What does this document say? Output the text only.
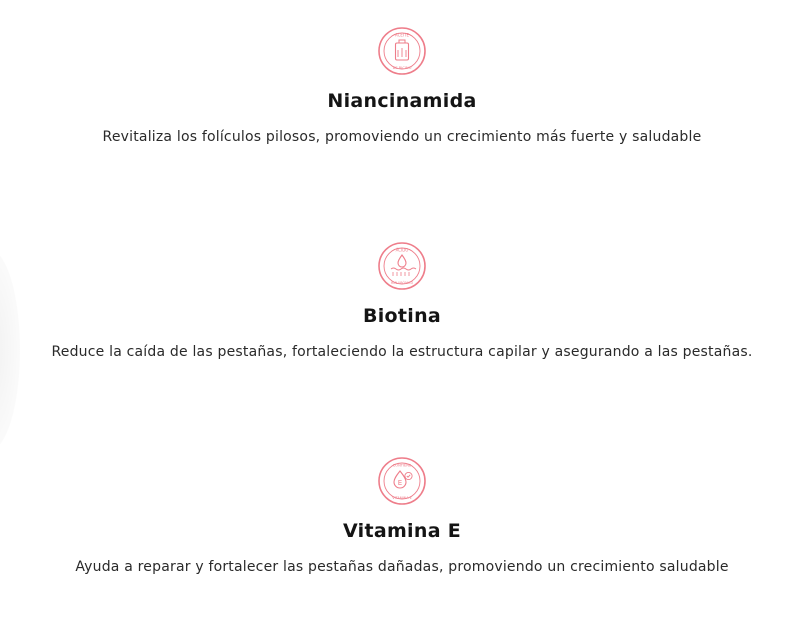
ACEITE
DE RICINO
Niancinamida

Revitaliza los folículos pilosos, promoviendo un crecimiento más fuerte y saludable

ÁCIDO
HIALURÓNICO
Biotina

Reduce la caída de las pestañas, fortaleciendo la estructura capilar y asegurando a las pestañas.

CONTIENE
VITAMINA E
E
Vitamina E

Ayuda a reparar y fortalecer las pestañas dañadas, promoviendo un crecimiento saludable
